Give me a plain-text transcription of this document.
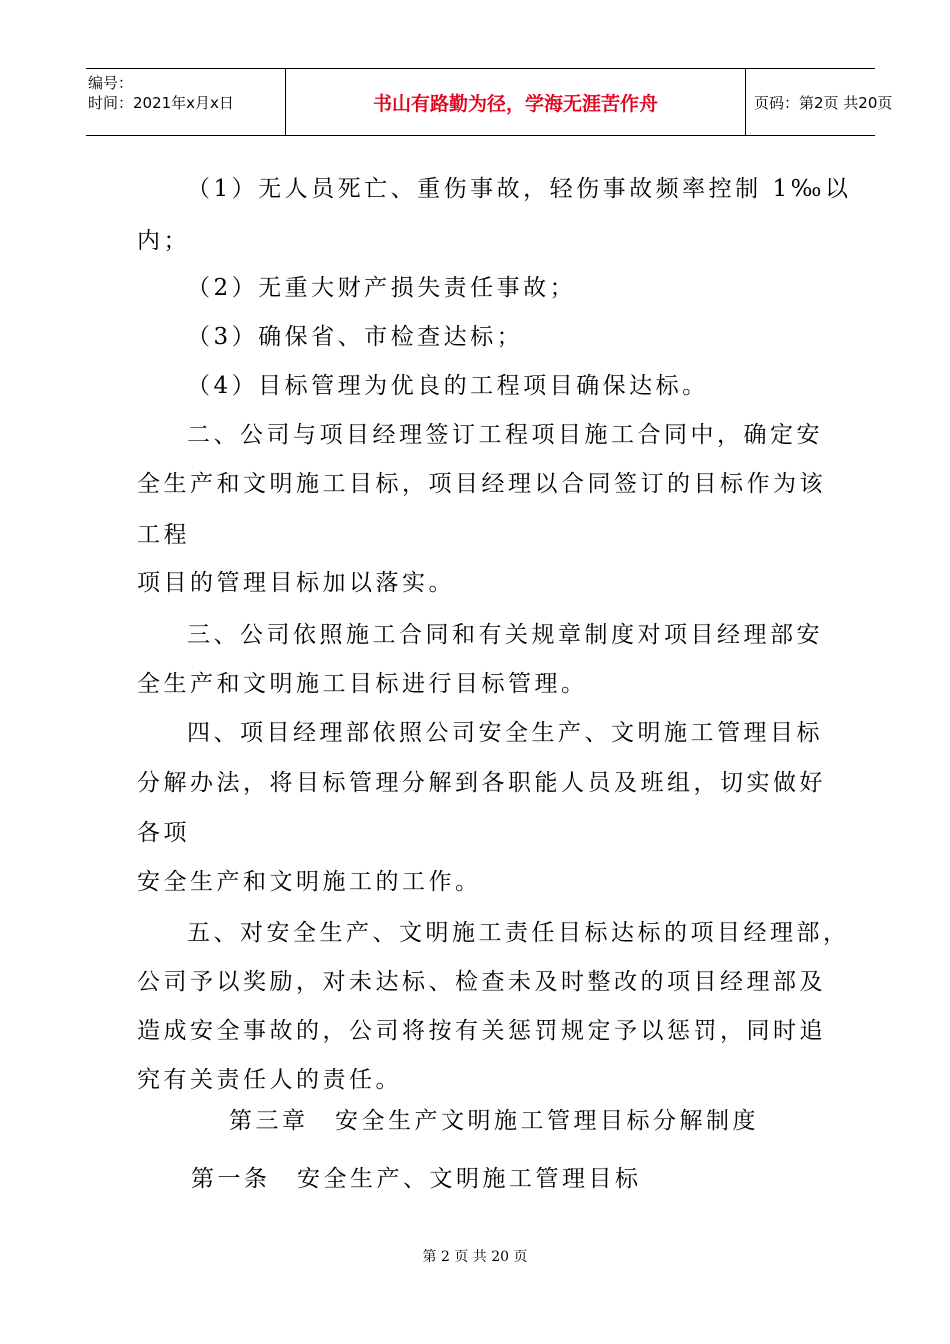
编号：
时间：2021年x月x日	书山有路勤为径，学海无涯苦作舟	页码：第2页 共20页
（1）无人员死亡、重伤事故，轻伤事故频率控制 1‰以
内；
（2）无重大财产损失责任事故；
（3）确保省、市检查达标；
（4）目标管理为优良的工程项目确保达标。
二、公司与项目经理签订工程项目施工合同中，确定安
全生产和文明施工目标，项目经理以合同签订的目标作为该
工程
项目的管理目标加以落实。
三、公司依照施工合同和有关规章制度对项目经理部安
全生产和文明施工目标进行目标管理。
四、项目经理部依照公司安全生产、文明施工管理目标
分解办法，将目标管理分解到各职能人员及班组，切实做好
各项
安全生产和文明施工的工作。
五、对安全生产、文明施工责任目标达标的项目经理部，
公司予以奖励，对未达标、检查未及时整改的项目经理部及
造成安全事故的，公司将按有关惩罚规定予以惩罚，同时追
究有关责任人的责任。
第三章　安全生产文明施工管理目标分解制度
第一条　安全生产、文明施工管理目标
第 2 页 共 20 页
